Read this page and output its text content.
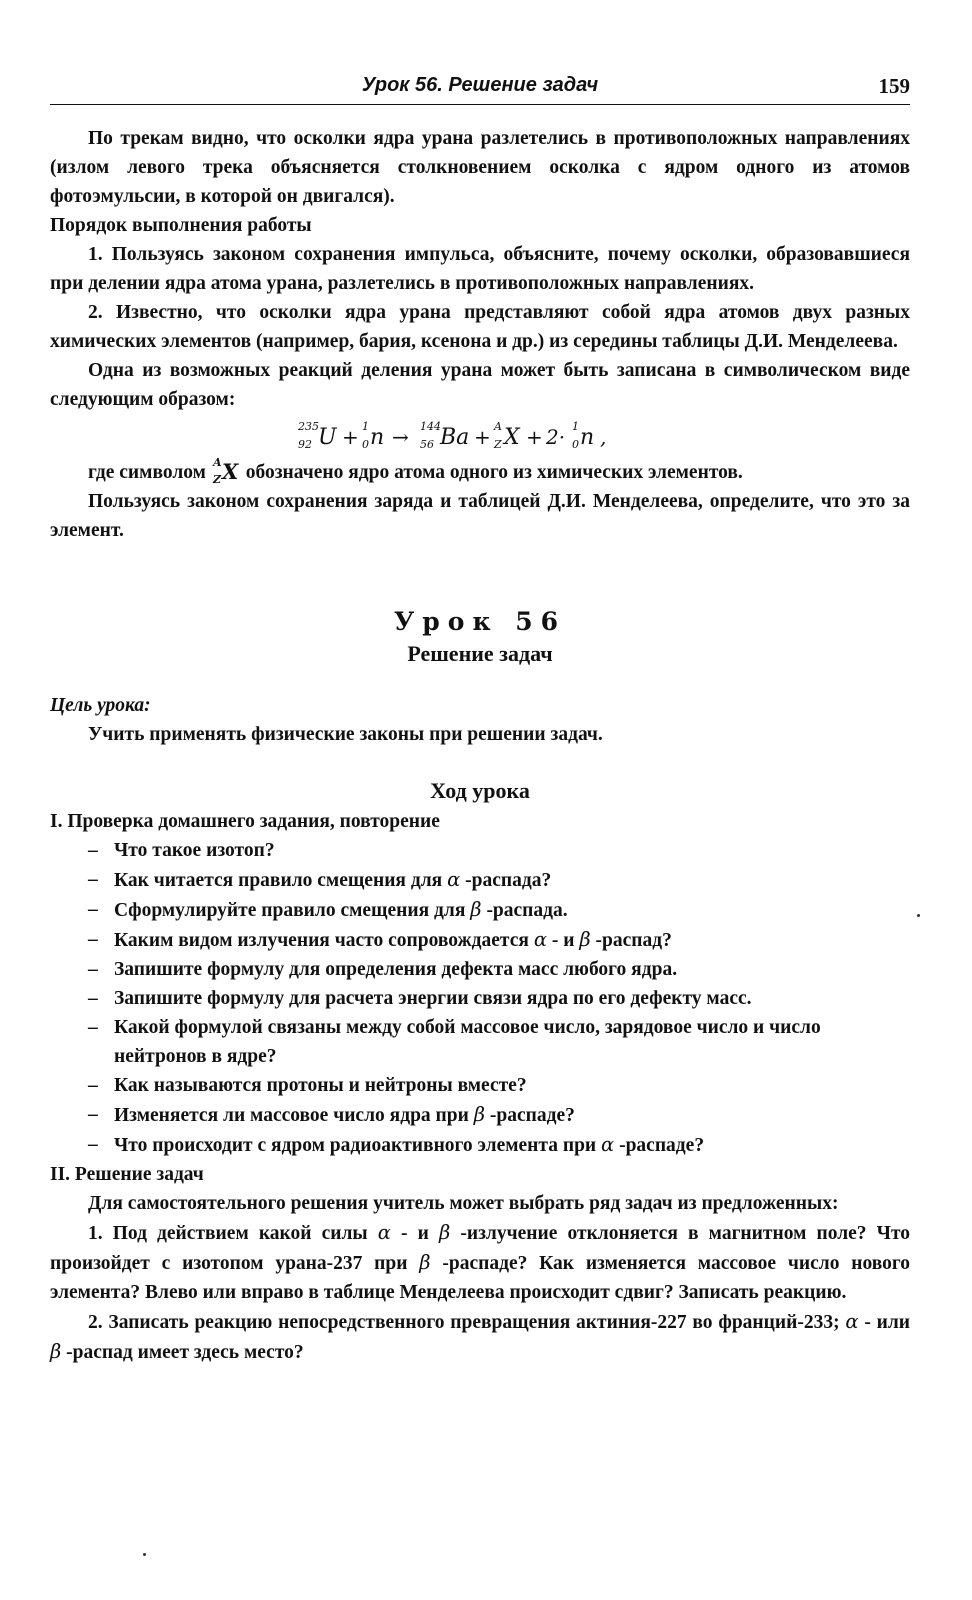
Урок 56. Решение задач	159

По трекам видно, что осколки ядра урана разлетелись в противоположных направлениях (излом левого трека объясняется столкновением осколка с ядром одного из атомов фотоэмульсии, в которой он двигался).

Порядок выполнения работы

1. Пользуясь законом сохранения импульса, объясните, почему осколки, образовавшиеся при делении ядра атома урана, разлетелись в противоположных направлениях.

2. Известно, что осколки ядра урана представляют собой ядра атомов двух разных химических элементов (например, бария, ксенона и др.) из середины таблицы Д.И. Менделеева.

Одна из возможных реакций деления урана может быть записана в символическом виде следующим образом:

235
92 U + 1
0 n → 144
56 Ba + A
Z X + 2· 1
0 n ,

где символом A
Z X обозначено ядро атома одного из химических элементов.

Пользуясь законом сохранения заряда и таблицей Д.И. Менделеева, определите, что это за элемент.

Урок 56
Решение задач

Цель урока:

Учить применять физические законы при решении задач.

Ход урока

I. Проверка домашнего задания, повторение

– Что такое изотоп?
– Как читается правило смещения для α -распада?
– Сформулируйте правило смещения для β -распада.
– Каким видом излучения часто сопровождается α - и β -распад?
– Запишите формулу для определения дефекта масс любого ядра.
– Запишите формулу для расчета энергии связи ядра по его дефекту масс.
– Какой формулой связаны между собой массовое число, зарядовое число и число нейтронов в ядре?
– Как называются протоны и нейтроны вместе?
– Изменяется ли массовое число ядра при β -распаде?
– Что происходит с ядром радиоактивного элемента при α -распаде?

II. Решение задач

Для самостоятельного решения учитель может выбрать ряд задач из предложенных:

1. Под действием какой силы α - и β -излучение отклоняется в магнитном поле? Что произойдет с изотопом урана-237 при β -распаде? Как изменяется массовое число нового элемента? Влево или вправо в таблице Менделеева происходит сдвиг? Записать реакцию.

2. Записать реакцию непосредственного превращения актиния-227 во франций-233; α - или β -распад имеет здесь место?
